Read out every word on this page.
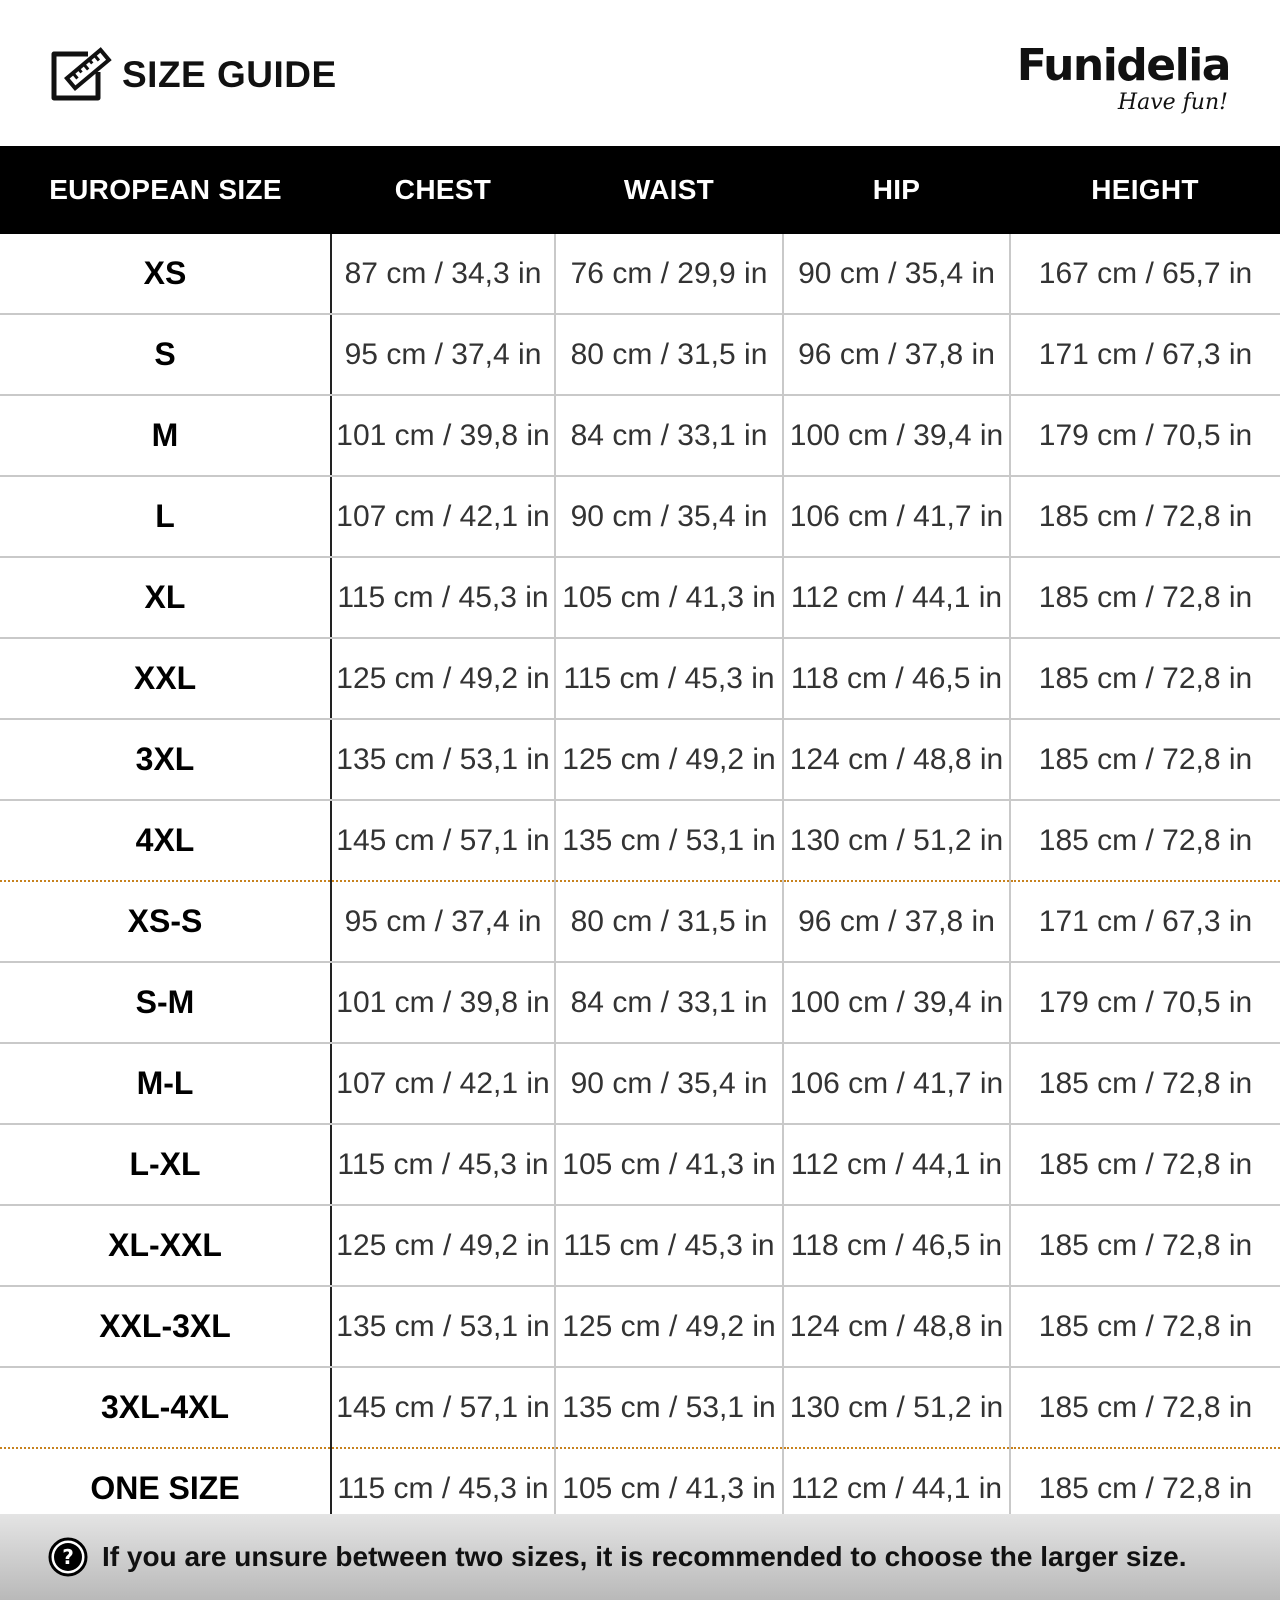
SIZE GUIDE	Funidelia
Have fun!
EUROPEAN SIZE	CHEST	WAIST	HIP	HEIGHT
XS	87 cm / 34,3 in	76 cm / 29,9 in	90 cm / 35,4 in	167 cm / 65,7 in
S	95 cm / 37,4 in	80 cm / 31,5 in	96 cm / 37,8 in	171 cm / 67,3 in
M	101 cm / 39,8 in	84 cm / 33,1 in	100 cm / 39,4 in	179 cm / 70,5 in
L	107 cm / 42,1 in	90 cm / 35,4 in	106 cm / 41,7 in	185 cm / 72,8 in
XL	115 cm / 45,3 in	105 cm / 41,3 in	112 cm / 44,1 in	185 cm / 72,8 in
XXL	125 cm / 49,2 in	115 cm / 45,3 in	118 cm / 46,5 in	185 cm / 72,8 in
3XL	135 cm / 53,1 in	125 cm / 49,2 in	124 cm / 48,8 in	185 cm / 72,8 in
4XL	145 cm / 57,1 in	135 cm / 53,1 in	130 cm / 51,2 in	185 cm / 72,8 in
XS-S	95 cm / 37,4 in	80 cm / 31,5 in	96 cm / 37,8 in	171 cm / 67,3 in
S-M	101 cm / 39,8 in	84 cm / 33,1 in	100 cm / 39,4 in	179 cm / 70,5 in
M-L	107 cm / 42,1 in	90 cm / 35,4 in	106 cm / 41,7 in	185 cm / 72,8 in
L-XL	115 cm / 45,3 in	105 cm / 41,3 in	112 cm / 44,1 in	185 cm / 72,8 in
XL-XXL	125 cm / 49,2 in	115 cm / 45,3 in	118 cm / 46,5 in	185 cm / 72,8 in
XXL-3XL	135 cm / 53,1 in	125 cm / 49,2 in	124 cm / 48,8 in	185 cm / 72,8 in
3XL-4XL	145 cm / 57,1 in	135 cm / 53,1 in	130 cm / 51,2 in	185 cm / 72,8 in
ONE SIZE	115 cm / 45,3 in	105 cm / 41,3 in	112 cm / 44,1 in	185 cm / 72,8 in
? If you are unsure between two sizes, it is recommended to choose the larger size.
